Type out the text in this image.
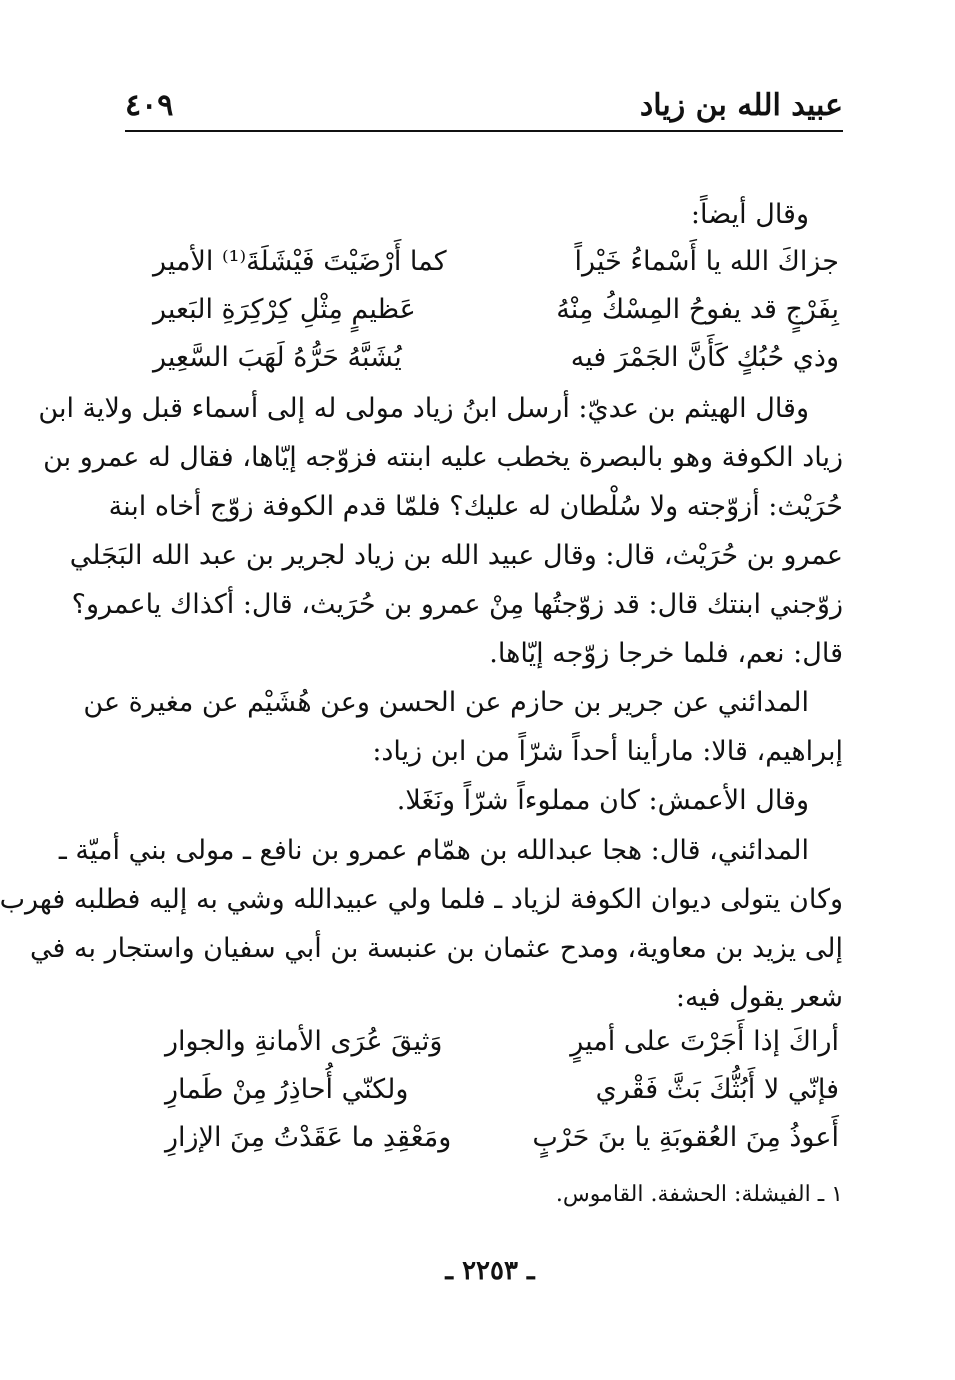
عبيد الله بن زياد
٤٠٩
وقال أيضاً:
جزاكَ الله يا أَسْماءُ خَيْراً
كما أَرْضَيْتَ فَيْشَلَةَ⁽¹⁾ الأمير
بِفَرْجٍ قد يفوحُ المِسْكُ مِنْهُ
عَظيمٍ مِثْلِ كِرْكِرَةِ البَعير
وذي حُبُكٍ كَأَنَّ الجَمْرَ فيه
يُشَبَّهُ حَرُّهُ لَهَبَ السَّعِير
وقال الهيثم بن عديّ: أرسل ابنُ زياد مولى له إلى أسماء قبل ولاية ابن
زياد الكوفة وهو بالبصرة يخطب عليه ابنته فزوّجه إيّاها، فقال له عمرو بن
حُرَيْث: أزوّجته ولا سُلْطان له عليك؟ فلمّا قدم الكوفة زوّج أخاه ابنة
عمرو بن حُرَيْث، قال: وقال عبيد الله بن زياد لجرير بن عبد الله البَجَلي
زوّجني ابنتك قال: قد زوّجتُها مِنْ عمرو بن حُرَيث، قال: أكذاك ياعمرو؟
قال: نعم، فلما خرجا زوّجه إيّاها.
المدائني عن جرير بن حازم عن الحسن وعن هُشَيْم عن مغيرة عن
إبراهيم، قالا: مارأينا أحداً شرّاً من ابن زياد:
وقال الأعمش: كان مملوءاً شرّاً ونَغَلا.
المدائني، قال: هجا عبدالله بن همّام عمرو بن نافع ـ مولى بني أميّة ـ
وكان يتولى ديوان الكوفة لزياد ـ فلما ولي عبيدالله وشي به إليه فطلبه فهرب
إلى يزيد بن معاوية، ومدح عثمان بن عنبسة بن أبي سفيان واستجار به في
شعر يقول فيه:
أراكَ إذا أَجَرْتَ على أميرٍ
وَثيقَ عُرَى الأمانةِ والجوار
فإنّي لا أَبُثُّكَ بَثَّ فَقْري
ولكنّي أُحاذِرُ مِنْ طَمارِ
أَعوذُ مِنَ العُقوبَةِ يا بنَ حَرْبٍ
ومَعْقِدِ ما عَقَدْتُ مِنَ الإزارِ
١ ـ الفيشلة: الحشفة. القاموس.
ـ ٢٢٥٣ ـ
